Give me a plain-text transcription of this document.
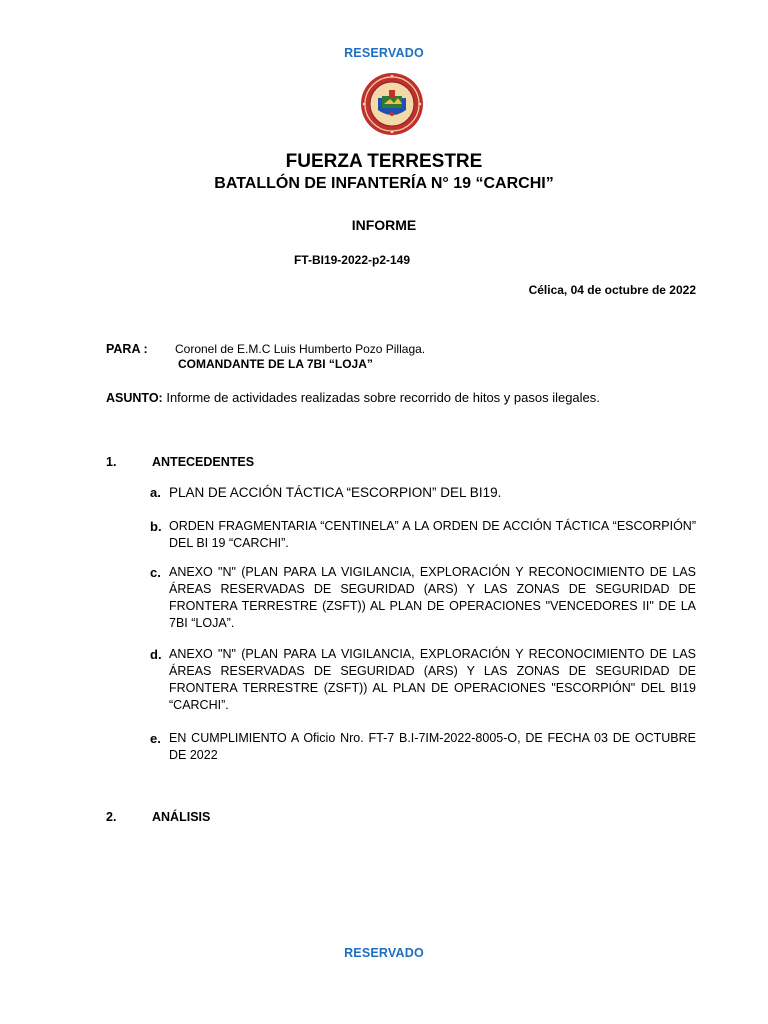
RESERVADO
FUERZA TERRESTRE
BATALLÓN DE INFANTERÍA N° 19 “CARCHI”
INFORME
FT-BI19-2022-p2-149
Célica, 04 de octubre de 2022
PARA : Coronel de E.M.C Luis Humberto Pozo Pillaga.
COMANDANTE DE LA 7BI “LOJA”
ASUNTO: Informe de actividades realizadas sobre recorrido de hitos y pasos ilegales.
1.	ANTECEDENTES
a. PLAN DE ACCIÓN TÁCTICA “ESCORPION” DEL BI19.
b. ORDEN FRAGMENTARIA “CENTINELA” A LA ORDEN DE ACCIÓN TÁCTICA “ESCORPIÓN” DEL BI 19 “CARCHI”.
c. ANEXO "N" (PLAN PARA LA VIGILANCIA, EXPLORACIÓN Y RECONOCIMIENTO DE LAS ÁREAS RESERVADAS DE SEGURIDAD (ARS) Y LAS ZONAS DE SEGURIDAD DE FRONTERA TERRESTRE (ZSFT)) AL PLAN DE OPERACIONES "VENCEDORES II" DE LA 7BI “LOJA”.
d. ANEXO "N" (PLAN PARA LA VIGILANCIA, EXPLORACIÓN Y RECONOCIMIENTO DE LAS ÁREAS RESERVADAS DE SEGURIDAD (ARS) Y LAS ZONAS DE SEGURIDAD DE FRONTERA TERRESTRE (ZSFT)) AL PLAN DE OPERACIONES "ESCORPIÓN" DEL BI19 “CARCHI”.
e. EN CUMPLIMIENTO A Oficio Nro. FT-7 B.I-7IM-2022-8005-O, DE FECHA 03 DE OCTUBRE DE 2022
2.	ANÁLISIS
RESERVADO
